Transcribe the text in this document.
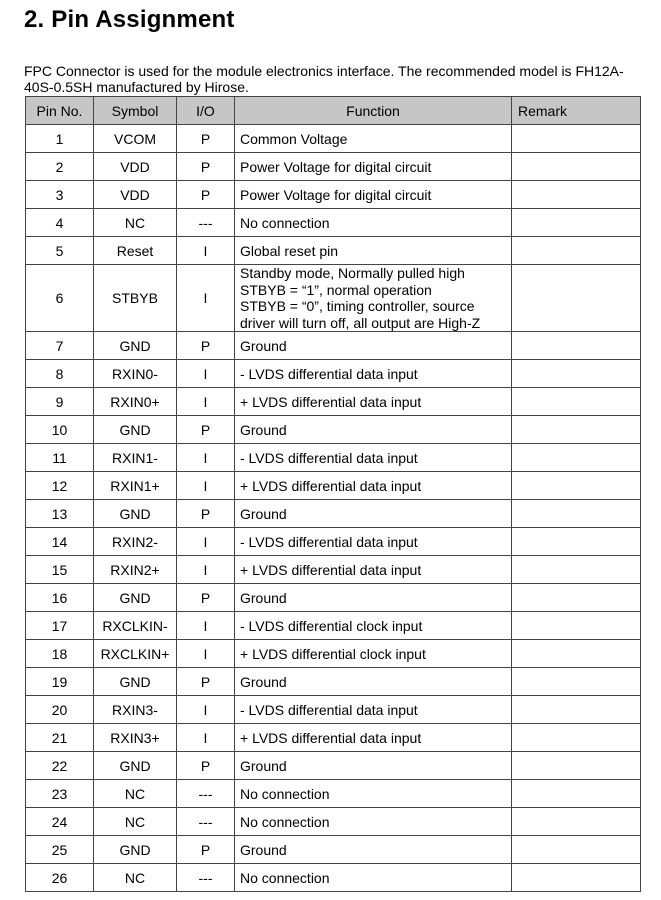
2. Pin Assignment
FPC Connector is used for the module electronics interface. The recommended model is FH12A-40S-0.5SH manufactured by Hirose.
Pin No.	Symbol	I/O	Function	Remark
1	VCOM	P	Common Voltage	
2	VDD	P	Power Voltage for digital circuit	
3	VDD	P	Power Voltage for digital circuit	
4	NC	---	No connection	
5	Reset	I	Global reset pin	
6	STBYB	I	Standby mode, Normally pulled high
STBYB = “1”, normal operation
STBYB = “0”, timing controller, source
driver will turn off, all output are High-Z	

7	GND	P	Ground	
8	RXIN0-	I	- LVDS differential data input	
9	RXIN0+	I	+ LVDS differential data input	
10	GND	P	Ground	
11	RXIN1-	I	- LVDS differential data input	
12	RXIN1+	I	+ LVDS differential data input	
13	GND	P	Ground	
14	RXIN2-	I	- LVDS differential data input	
15	RXIN2+	I	+ LVDS differential data input	
16	GND	P	Ground	
17	RXCLKIN-	I	- LVDS differential clock input	
18	RXCLKIN+	I	+ LVDS differential clock input	
19	GND	P	Ground	
20	RXIN3-	I	- LVDS differential data input	
21	RXIN3+	I	+ LVDS differential data input	
22	GND	P	Ground	
23	NC	---	No connection	
24	NC	---	No connection	
25	GND	P	Ground	
26	NC	---	No connection	
